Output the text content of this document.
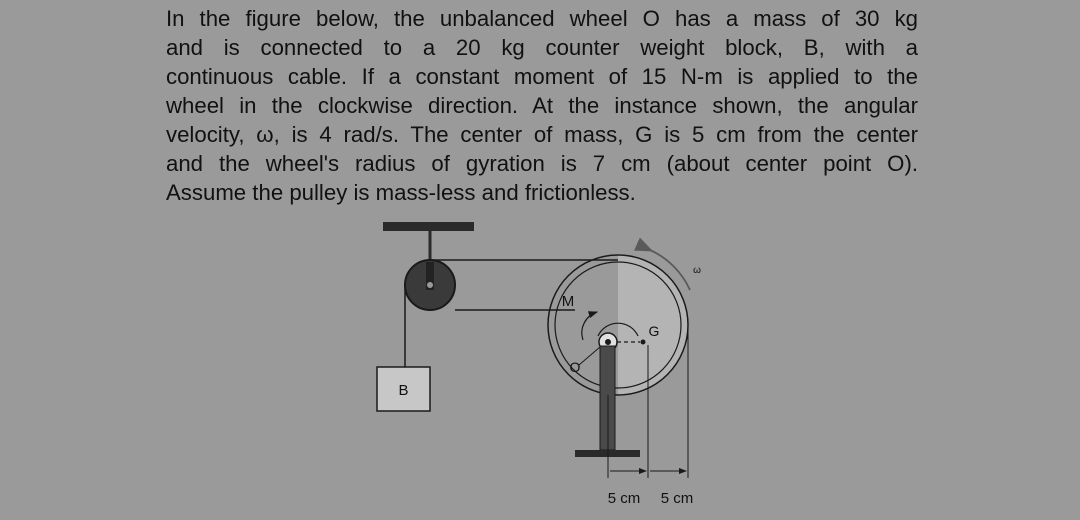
In the figure below, the unbalanced wheel O has a mass of 30 kg
and is connected to a 20 kg counter weight block, B, with a
continuous cable. If a constant moment of 15 N-m is applied to the
wheel in the clockwise direction. At the instance shown, the angular
velocity, ω, is 4 rad/s. The center of mass, G is 5 cm from the center
and the wheel's radius of gyration is 7 cm (about center point O).
Assume the pulley is mass-less and frictionless.
B
G
O
M
ω
5 cm 5 cm
